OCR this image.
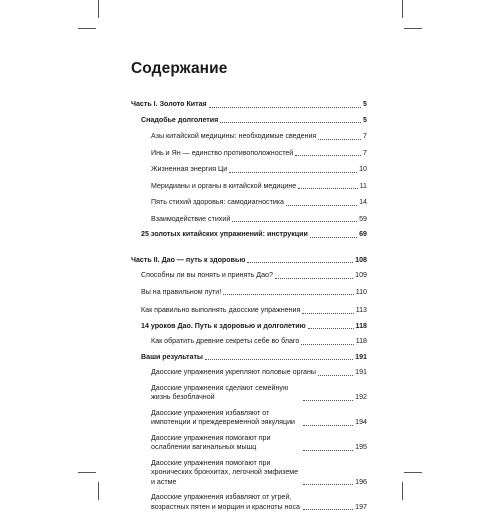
Содержание
Часть I. Золото Китая	5
Снадобье долголетия	5
Азы китайской медицины: необходимые сведения	7
Инь и Ян — единство противоположностей	7
Жизненная энергия Ци	10
Меридианы и органы в китайской медицине	11
Пять стихий здоровья: самодиагностика	14
Взаимодействие стихий	59
25 золотых китайских упражнений: инструкции	69
Часть II. Дао — путь к здоровью	108
Способны ли вы понять и принять Дао?	109
Вы на правильном пути!	110
Как правильно выполнять даосские упражнения	113
14 уроков Дао. Путь к здоровью и долголетию	118
Как обратить древние секреты себе во благо	118
Ваши результаты	191
Даосские упражнения укрепляют половые органы	191
Даосские упражнения сделают семейную жизнь безоблачной	192
Даосские упражнения избавляют от импотенции и преждевременной эякуляции	194
Даосские упражнения помогают при ослаблении вагинальных мышц	195
Даосские упражнения помогают при хронических бронхитах, легочной эмфиземе и астме	196
Даосские упражнения избавляют от угрей, возрастных пятен и морщин и красноты носа	197
